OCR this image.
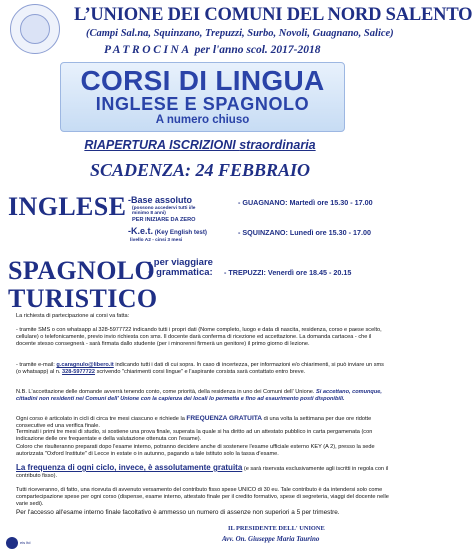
L’UNIONE DEI COMUNI DEL NORD SALENTO
(Campi Sal.na, Squinzano, Trepuzzi, Surbo, Novoli, Guagnano, Salice)
PATROCINA per l'anno scol. 2017-2018
CORSI DI LINGUA
INGLESE E SPAGNOLO
A numero chiuso
RIAPERTURA ISCRIZIONI straordinaria
SCADENZA: 24 FEBBRAIO
INGLESE -Base assoluto
(possono accedervi tutti i/le
minimo 8 anni)
PER INIZIARE DA ZERO
- GUAGNANO: Martedì ore 15.30 - 17.00
-K.e.t. (Key English test)
livello A2 - cinsi 3 mesi
- SQUINZANO: Lunedì ore 15.30 - 17.00
SPAGNOLO
TURISTICO
- per viaggiare
+ grammatica: - TREPUZZI: Venerdì ore 18.45 - 20.15
La richiesta di partecipazione ai corsi va fatta:
- tramite SMS o con whatsapp al 328-5977722 indicando tutti i propri dati (Nome completo, luogo e data di nascita, residenza, corso e paese scelto, cellulare) o telefonicamente, previo invio richiesta con sms. Il docente darà conferma di ricezione ed accettazione. La domanda cartacea - che il docente stesso consegnerà - sarà firmata dallo studente (per i minorenni firmerà un genitore) il primo giorno di lezione.
- tramite e-mail: g.caragnulo@libero.it indicando tutti i dati di cui sopra. In caso di incertezza, per informazioni e/o chiarimenti, si può inviare un sms (o whatsapp) al n. 328-5977722 scrivendo "chiarimenti corsi lingue" e l'aspirante corsista sarà contattato entro breve.
N.B. L'accettazione delle domande avverrà tenendo conto, come priorità, della residenza in uno dei Comuni dell' Unione. Si accettano, comunque, cittadini non residenti nei Comuni dell' Unione con la capienza dei locali lo permetta e fino ad esaurimento posti disponibili.
Ogni corso è articolato in cicli di circa tre mesi ciascuno e richiede la FREQUENZA GRATUITA di una volta la settimana per due ore ridotte consecutive ed una verifica finale.
Terminati i primi tre mesi di studio, si sostiene una prova finale, superata la quale si ha diritto ad un attestato pubblico in carta pergamenata (con indicazione delle ore frequentate e della valutazione ottenuta con l'esame).
Coloro che risulteranno preparati dopo l'esame interno, potranno decidere anche di sostenere l'esame ufficiale esterno KEY (A 2), presso la sede autorizzata "Oxford Institute" di Lecce in estate o in autunno, pagando a tale istituto solo la tassa d'esame.
La frequenza di ogni ciclo, invece, è assolutamente gratuita (e sarà riservata esclusivamente agli iscritti in regola con il contributo fisso).
Tutti riceveranno, di fatto, una ricevuta di avvenuto versamento del contributo fisso spese UNICO di 30 eu. Tale contributo è da intendersi solo come compartecipazione spese per ogni corso (dispense, esame interno, attestato finale per il credito formativo, spese di segreteria, viaggi del docente nelle varie sedi).
Per l'accesso all'esame interno finale facoltativo è ammesso un numero di assenze non superiori a 5 per trimestre.
IL PRESIDENTE DELL' UNIONE
Avv. On. Giuseppe Maria Taurino
eis ltd
